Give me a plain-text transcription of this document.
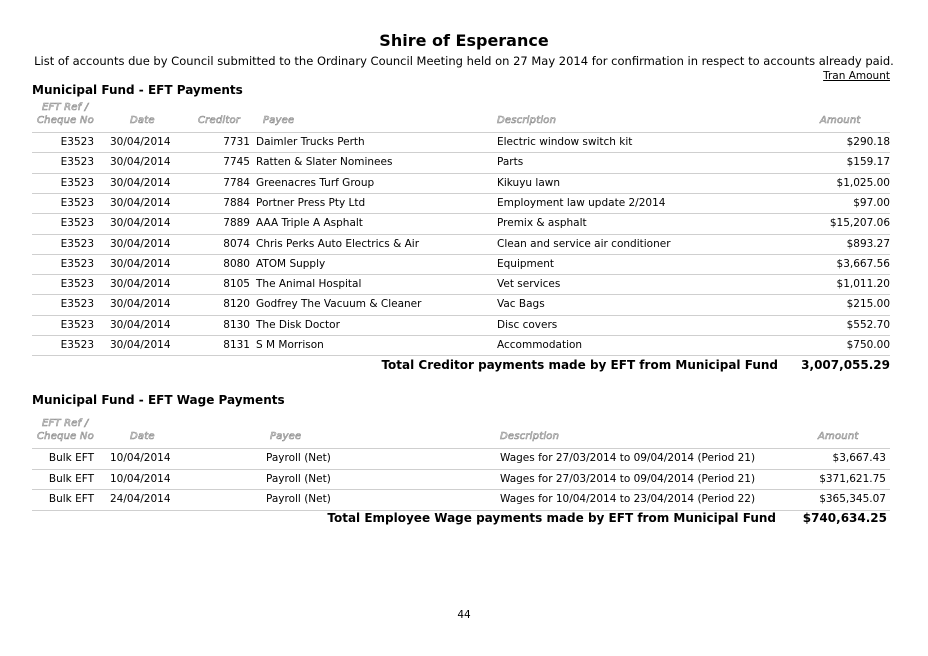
Shire of Esperance
List of accounts due by Council submitted to the Ordinary Council Meeting held on 27 May 2014 for confirmation in respect to accounts already paid.
Tran Amount
Municipal Fund - EFT Payments
EFT Ref /
Cheque No	Date	Creditor Payee	Description	Amount
E3523 30/04/2014	7731 Daimler Trucks Perth	Electric window switch kit	$290.18
E3523 30/04/2014	7745 Ratten & Slater Nominees	Parts	$159.17
E3523 30/04/2014	7784 Greenacres Turf Group	Kikuyu lawn	$1,025.00
E3523 30/04/2014	7884 Portner Press Pty Ltd	Employment law update 2/2014	$97.00
E3523 30/04/2014	7889 AAA Triple A Asphalt	Premix & asphalt	$15,207.06
E3523 30/04/2014	8074 Chris Perks Auto Electrics & Air	Clean and service air conditioner	$893.27
E3523 30/04/2014	8080 ATOM Supply	Equipment	$3,667.56
E3523 30/04/2014	8105 The Animal Hospital	Vet services	$1,011.20
E3523 30/04/2014	8120 Godfrey The Vacuum & Cleaner	Vac Bags	$215.00
E3523 30/04/2014	8130 The Disk Doctor	Disc covers	$552.70
E3523 30/04/2014	8131 S M Morrison	Accommodation	$750.00
Total Creditor payments made by EFT from Municipal Fund 3,007,055.29
Municipal Fund - EFT Wage Payments
EFT Ref /
Cheque No	Date	Payee	Description	Amount
Bulk EFT 10/04/2014	Payroll (Net)	Wages for 27/03/2014 to 09/04/2014 (Period 21)	$3,667.43
Bulk EFT 10/04/2014	Payroll (Net)	Wages for 27/03/2014 to 09/04/2014 (Period 21)	$371,621.75
Bulk EFT 24/04/2014	Payroll (Net)	Wages for 10/04/2014 to 23/04/2014 (Period 22)	$365,345.07
Total Employee Wage payments made by EFT from Municipal Fund $740,634.25
44
